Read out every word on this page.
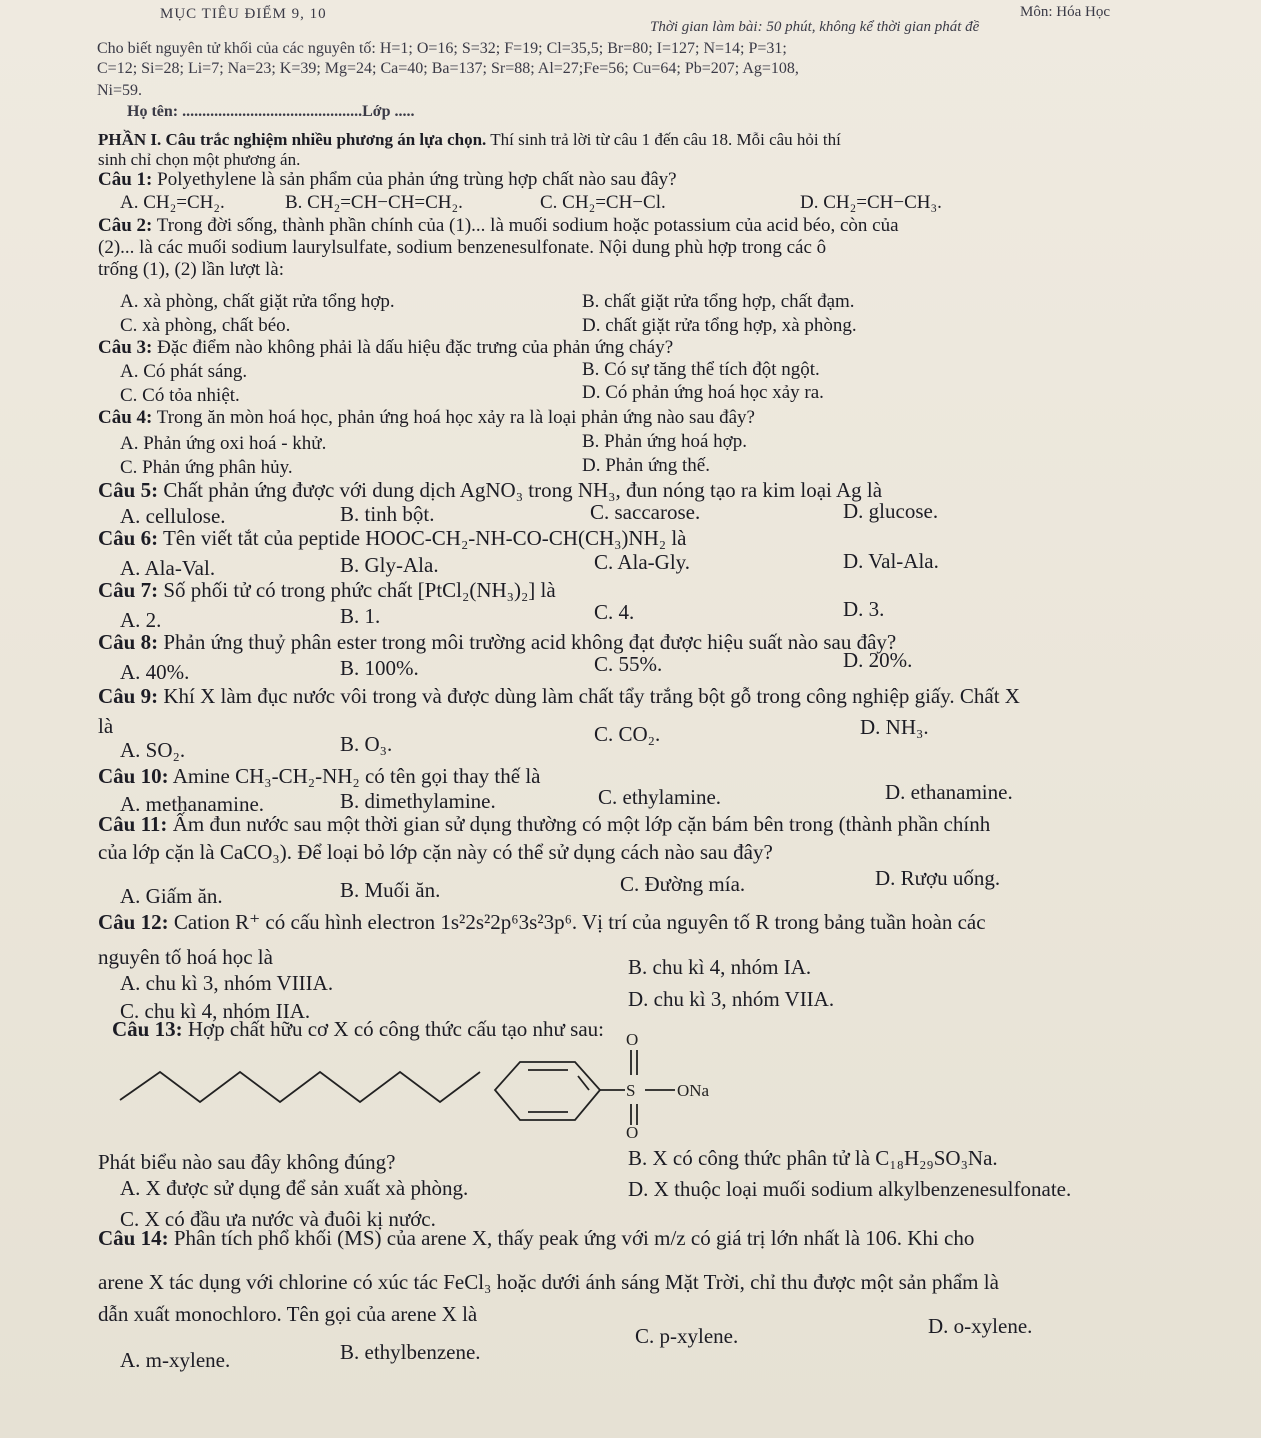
MỤC TIÊU ĐIỂM 9, 10	Môn: Hóa Học
Thời gian làm bài: 50 phút, không kể thời gian phát đề
Cho biết nguyên tử khối của các nguyên tố: H=1; O=16; S=32; F=19; Cl=35,5; Br=80; I=127; N=14; P=31;
C=12; Si=28; Li=7; Na=23; K=39; Mg=24; Ca=40; Ba=137; Sr=88; Al=27;Fe=56; Cu=64; Pb=207; Ag=108,
Ni=59.
Họ tên: .............................................Lớp .....
PHẦN I. Câu trắc nghiệm nhiều phương án lựa chọn. Thí sinh trả lời từ câu 1 đến câu 18. Mỗi câu hỏi thí
sinh chỉ chọn một phương án.
Câu 1: Polyethylene là sản phẩm của phản ứng trùng hợp chất nào sau đây?
A. CH₂=CH₂.	B. CH₂=CH−CH=CH₂.	C. CH₂=CH−Cl.	D. CH₂=CH−CH₃.
Câu 2: Trong đời sống, thành phần chính của (1)... là muối sodium hoặc potassium của acid béo, còn của
(2)... là các muối sodium laurylsulfate, sodium benzenesulfonate. Nội dung phù hợp trong các ô
trống (1), (2) lần lượt là:
A. xà phòng, chất giặt rửa tổng hợp.	B. chất giặt rửa tổng hợp, chất đạm.
C. xà phòng, chất béo.	D. chất giặt rửa tổng hợp, xà phòng.
Câu 3: Đặc điểm nào không phải là dấu hiệu đặc trưng của phản ứng cháy?
A. Có phát sáng.	B. Có sự tăng thể tích đột ngột.
C. Có tỏa nhiệt.	D. Có phản ứng hoá học xảy ra.
Câu 4: Trong ăn mòn hoá học, phản ứng hoá học xảy ra là loại phản ứng nào sau đây?
A. Phản ứng oxi hoá - khử.	B. Phản ứng hoá hợp.
C. Phản ứng phân hủy.	D. Phản ứng thế.
Câu 5: Chất phản ứng được với dung dịch AgNO₃ trong NH₃, đun nóng tạo ra kim loại Ag là
A. cellulose.	B. tinh bột.	C. saccarose.	D. glucose.
Câu 6: Tên viết tắt của peptide HOOC-CH₂-NH-CO-CH(CH₃)NH₂ là
A. Ala-Val.	B. Gly-Ala.	C. Ala-Gly.	D. Val-Ala.
Câu 7: Số phối tử có trong phức chất [PtCl₂(NH₃)₂] là
A. 2.	B. 1.	C. 4.	D. 3.
Câu 8: Phản ứng thuỷ phân ester trong môi trường acid không đạt được hiệu suất nào sau đây?
A. 40%.	B. 100%.	C. 55%.	D. 20%.
Câu 9: Khí X làm đục nước vôi trong và được dùng làm chất tẩy trắng bột gỗ trong công nghiệp giấy. Chất X
là
A. SO₂.	B. O₃.	C. CO₂.	D. NH₃.
Câu 10: Amine CH₃-CH₂-NH₂ có tên gọi thay thế là
A. methanamine.	B. dimethylamine.	C. ethylamine.	D. ethanamine.
Câu 11: Ấm đun nước sau một thời gian sử dụng thường có một lớp cặn bám bên trong (thành phần chính
của lớp cặn là CaCO₃). Để loại bỏ lớp cặn này có thể sử dụng cách nào sau đây?
A. Giấm ăn.	B. Muối ăn.	C. Đường mía.	D. Rượu uống.
Câu 12: Cation R⁺ có cấu hình electron 1s²2s²2p⁶3s²3p⁶. Vị trí của nguyên tố R trong bảng tuần hoàn các
nguyên tố hoá học là
A. chu kì 3, nhóm VIIIA.
B. chu kì 4, nhóm IA.
C. chu kì 4, nhóm IIA.	D. chu kì 3, nhóm VIIA.
Câu 13: Hợp chất hữu cơ X có công thức cấu tạo như sau: O
S ONa
O
Phát biểu nào sau đây không đúng?
A. X được sử dụng để sản xuất xà phòng.
B. X có công thức phân tử là C₁₈H₂₉SO₃Na.
C. X có đầu ưa nước và đuôi kị nước.
D. X thuộc loại muối sodium alkylbenzenesulfonate.
Câu 14: Phân tích phổ khối (MS) của arene X, thấy peak ứng với m/z có giá trị lớn nhất là 106. Khi cho
arene X tác dụng với chlorine có xúc tác FeCl₃ hoặc dưới ánh sáng Mặt Trời, chỉ thu được một sản phẩm là
dẫn xuất monochloro. Tên gọi của arene X là
A. m-xylene.	B. ethylbenzene.
C. p-xylene.	D. o-xylene.
